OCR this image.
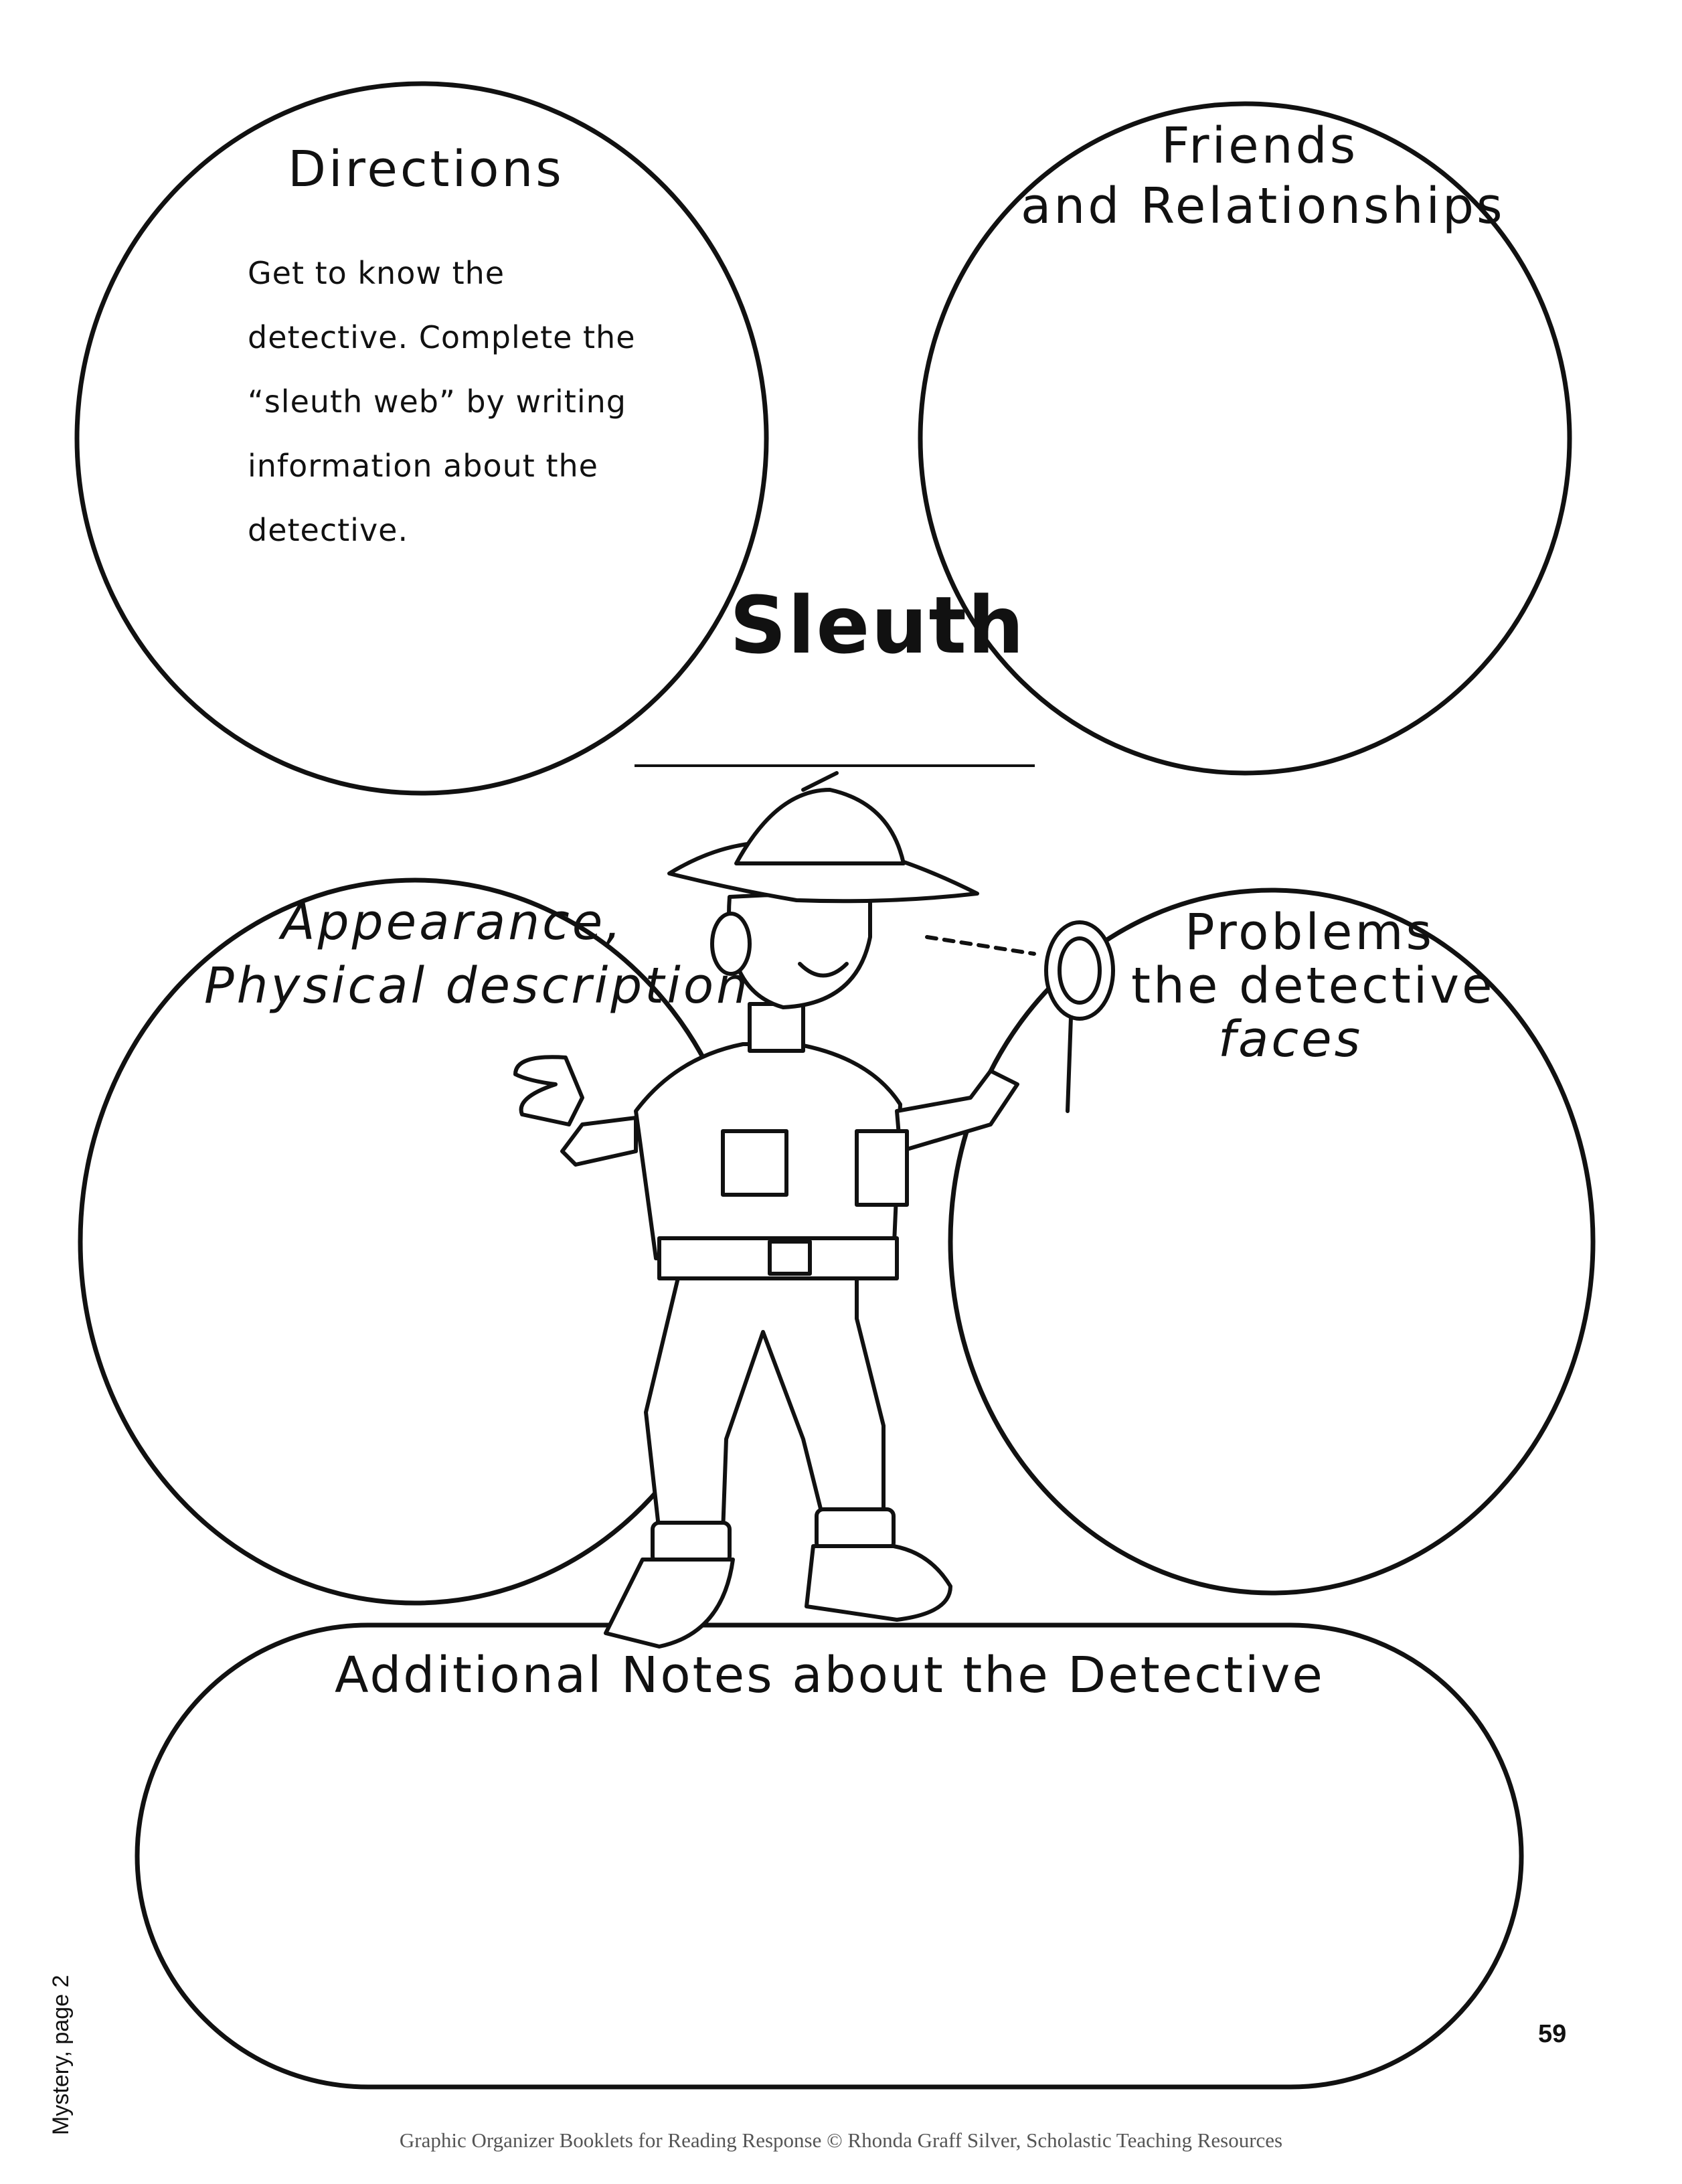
Directions
Get to know the
detective. Complete the
“sleuth web” by writing
information about the
detective.
Friends
and Relationships
Sleuth
Appearance,
Physical description
Problems
the detective
faces
Additional Notes about the Detective
Mystery, page 2	59
Graphic Organizer Booklets for Reading Response © Rhonda Graff Silver, Scholastic Teaching Resources
